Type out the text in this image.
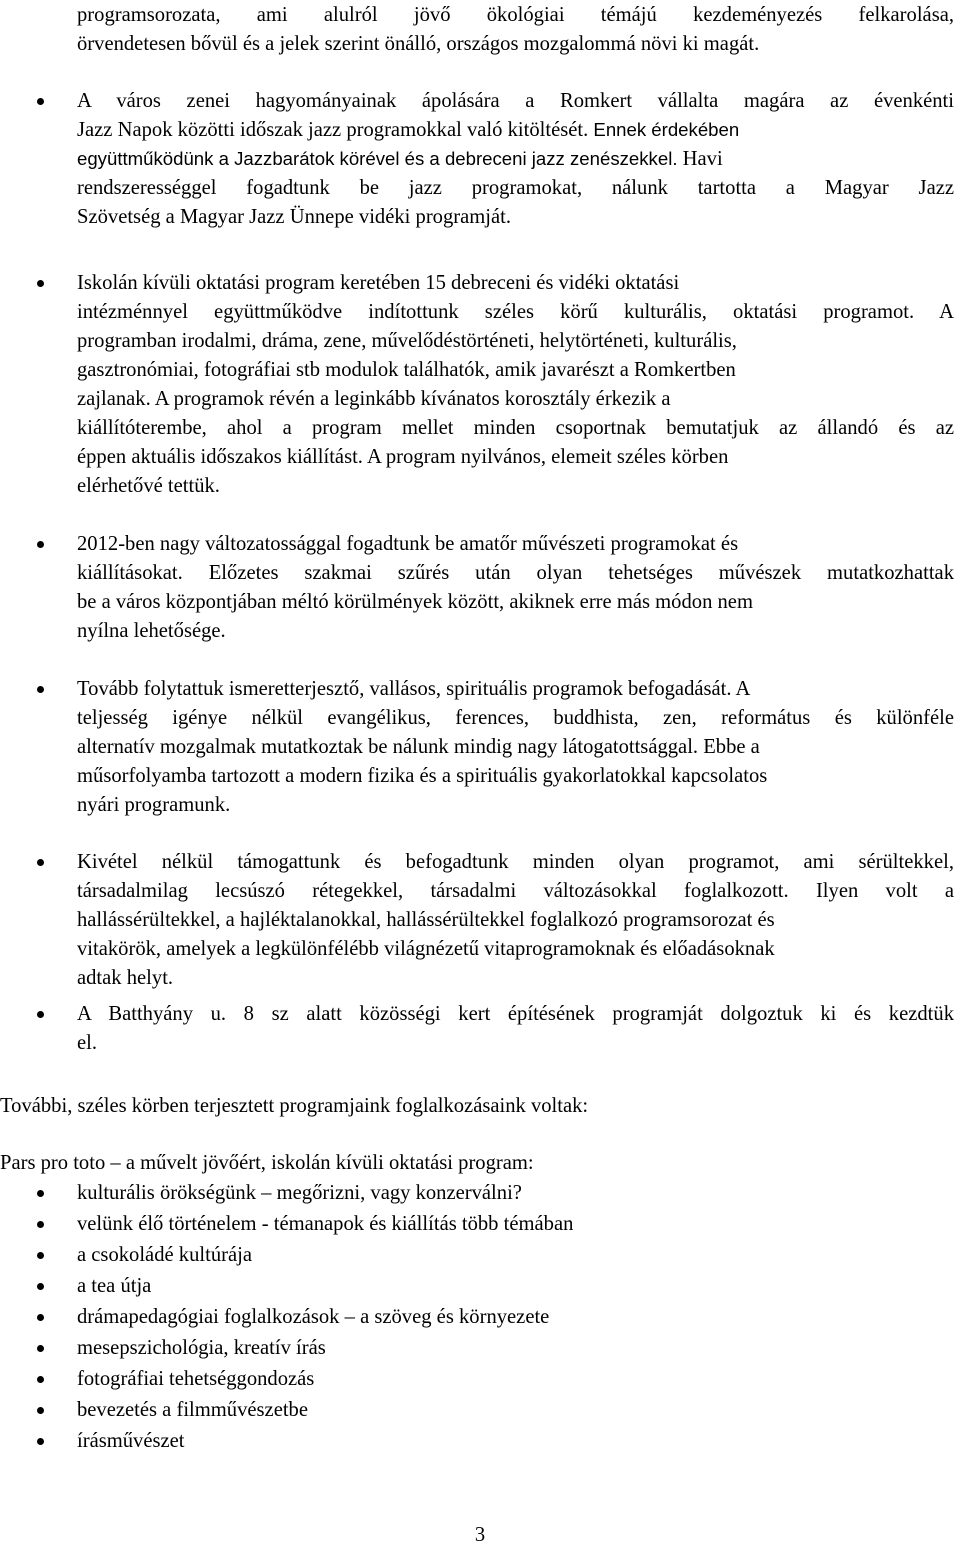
programsorozata, ami alulról jövő ökológiai témájú kezdeményezés felkarolása,
örvendetesen bővül és a jelek szerint önálló, országos mozgalommá növi ki magát.
A város zenei hagyományainak ápolására a Romkert vállalta magára az évenkénti
Jazz Napok közötti időszak jazz programokkal való kitöltését. Ennek érdekében
együttműködünk a Jazzbarátok körével és a debreceni jazz zenészekkel. Havi
rendszerességgel fogadtunk be jazz programokat, nálunk tartotta a Magyar Jazz
Szövetség a Magyar Jazz Ünnepe vidéki programját.
Iskolán kívüli oktatási program keretében 15 debreceni és vidéki oktatási
intézménnyel együttműködve indítottunk széles körű kulturális, oktatási programot. A
programban irodalmi, dráma, zene, művelődéstörténeti, helytörténeti, kulturális,
gasztronómiai, fotográfiai stb modulok találhatók, amik javarészt a Romkertben
zajlanak. A programok révén a leginkább kívánatos korosztály érkezik a
kiállítóterembe, ahol a program mellet minden csoportnak bemutatjuk az állandó és az
éppen aktuális időszakos kiállítást. A program nyilvános, elemeit széles körben
elérhetővé tettük.
2012-ben nagy változatossággal fogadtunk be amatőr művészeti programokat és
kiállításokat. Előzetes szakmai szűrés után olyan tehetséges művészek mutatkozhattak
be a város központjában méltó körülmények között, akiknek erre más módon nem
nyílna lehetősége.
Tovább folytattuk ismeretterjesztő, vallásos, spirituális programok befogadását. A
teljesség igénye nélkül evangélikus, ferences, buddhista, zen, református és különféle
alternatív mozgalmak mutatkoztak be nálunk mindig nagy látogatottsággal. Ebbe a
műsorfolyamba tartozott a modern fizika és a spirituális gyakorlatokkal kapcsolatos
nyári programunk.
Kivétel nélkül támogattunk és befogadtunk minden olyan programot, ami sérültekkel,
társadalmilag lecsúszó rétegekkel, társadalmi változásokkal foglalkozott. Ilyen volt a
hallássérültekkel, a hajléktalanokkal, hallássérültekkel foglalkozó programsorozat és
vitakörök, amelyek a legkülönfélébb világnézetű vitaprogramoknak és előadásoknak
adtak helyt.
A Batthyány u. 8 sz alatt közösségi kert építésének programját dolgoztuk ki és kezdtük
el.
További, széles körben terjesztett programjaink foglalkozásaink voltak:
Pars pro toto – a művelt jövőért, iskolán kívüli oktatási program:
kulturális örökségünk – megőrizni, vagy konzerválni?
velünk élő történelem - témanapok és kiállítás több témában
a csokoládé kultúrája
a tea útja
drámapedagógiai foglalkozások – a szöveg és környezete
mesepszichológia, kreatív írás
fotográfiai tehetséggondozás
bevezetés a filmművészetbe
írásművészet
3
